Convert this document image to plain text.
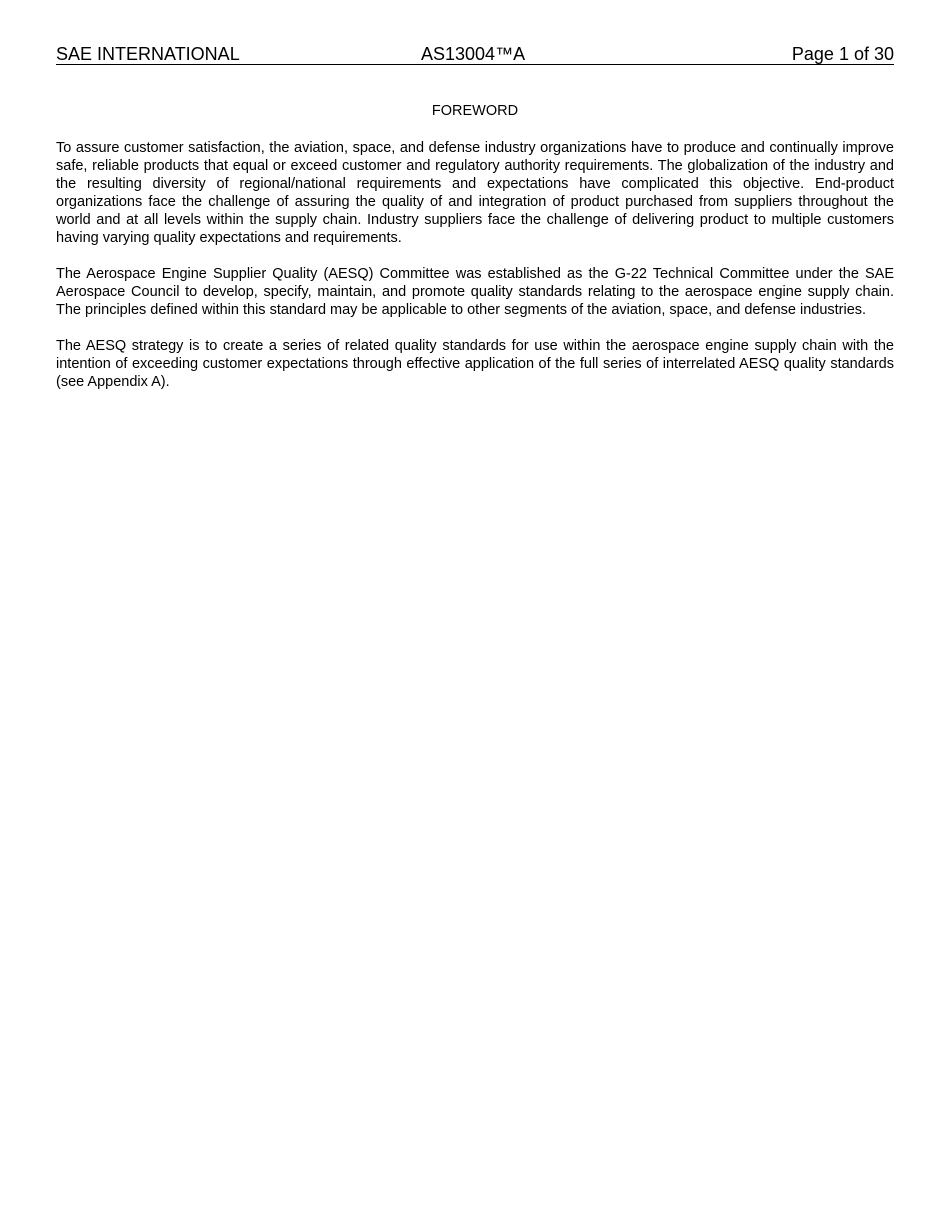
SAE INTERNATIONAL	AS13004™A	Page 1 of 30
FOREWORD

To assure customer satisfaction, the aviation, space, and defense industry organizations have to produce and continually improve safe, reliable products that equal or exceed customer and regulatory authority requirements. The globalization of the industry and the resulting diversity of regional/national requirements and expectations have complicated this objective. End-product organizations face the challenge of assuring the quality of and integration of product purchased from suppliers throughout the world and at all levels within the supply chain. Industry suppliers face the challenge of delivering product to multiple customers having varying quality expectations and requirements.

The Aerospace Engine Supplier Quality (AESQ) Committee was established as the G-22 Technical Committee under the SAE Aerospace Council to develop, specify, maintain, and promote quality standards relating to the aerospace engine supply chain. The principles defined within this standard may be applicable to other segments of the aviation, space, and defense industries.

The AESQ strategy is to create a series of related quality standards for use within the aerospace engine supply chain with the intention of exceeding customer expectations through effective application of the full series of interrelated AESQ quality standards (see Appendix A).
